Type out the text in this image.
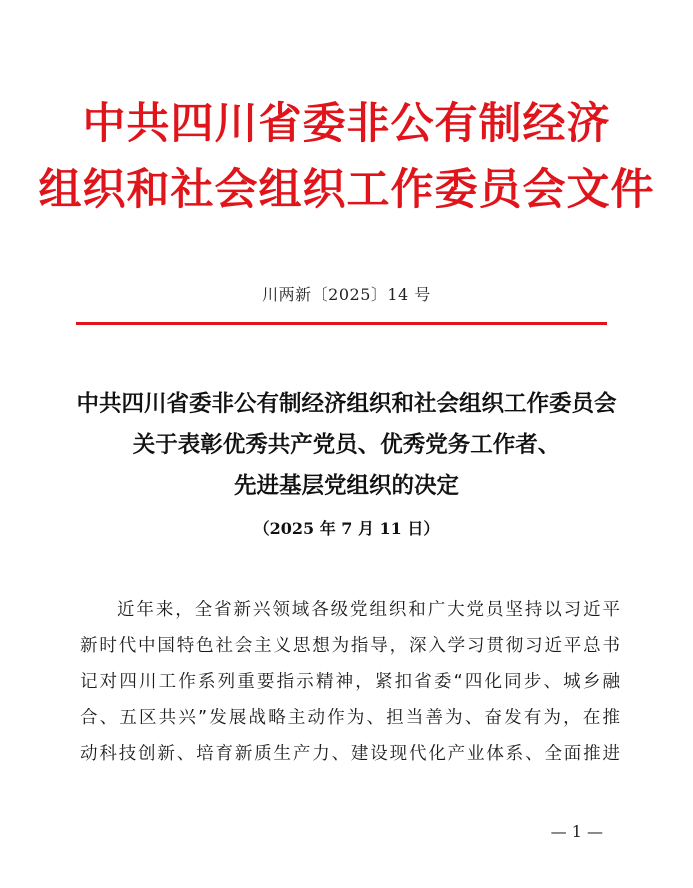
中共四川省委非公有制经济
组织和社会组织工作委员会文件
川两新〔2025〕14 号
中共四川省委非公有制经济组织和社会组织工作委员会
关于表彰优秀共产党员、优秀党务工作者、
先进基层党组织的决定
（2025 年 7 月 11 日）
近年来，全省新兴领域各级党组织和广大党员坚持以习近平
新时代中国特色社会主义思想为指导，深入学习贯彻习近平总书
记对四川工作系列重要指示精神，紧扣省委“四化同步、城乡融
合、五区共兴”发展战略主动作为、担当善为、奋发有为，在推
动科技创新、培育新质生产力、建设现代化产业体系、全面推进
— 1 —
